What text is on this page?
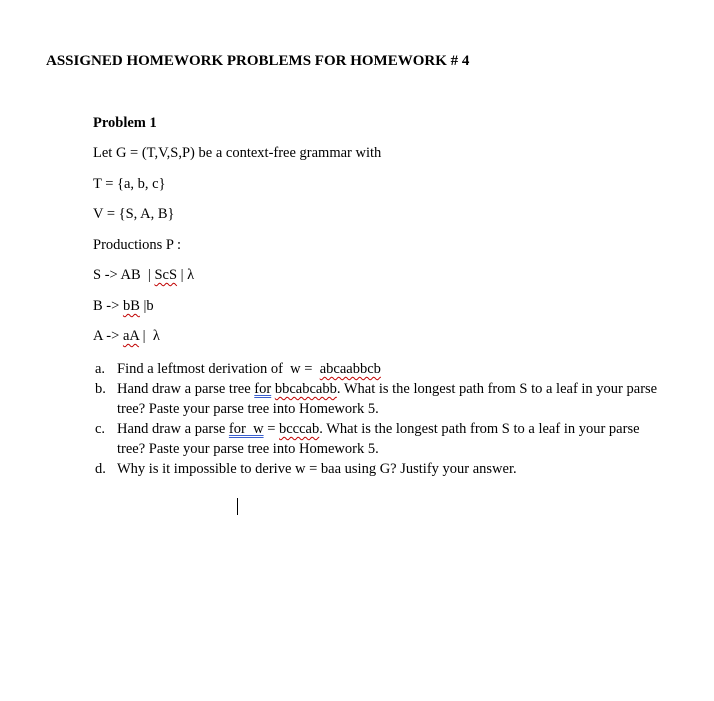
ASSIGNED HOMEWORK PROBLEMS FOR HOMEWORK # 4
Problem 1
Let G = (T,V,S,P) be a context-free grammar with
T = {a, b, c}
V = {S, A, B}
Productions P :
S -> AB  | ScS | λ
B -> bB |b
A -> aA |  λ
a. Find a leftmost derivation of  w =  abcaabbcb
b. Hand draw a parse tree for bbcabcabb. What is the longest path from S to a leaf in your parse tree? Paste your parse tree into Homework 5.
c. Hand draw a parse for  w = bcccab. What is the longest path from S to a leaf in your parse tree? Paste your parse tree into Homework 5.
d. Why is it impossible to derive w = baa using G? Justify your answer.
